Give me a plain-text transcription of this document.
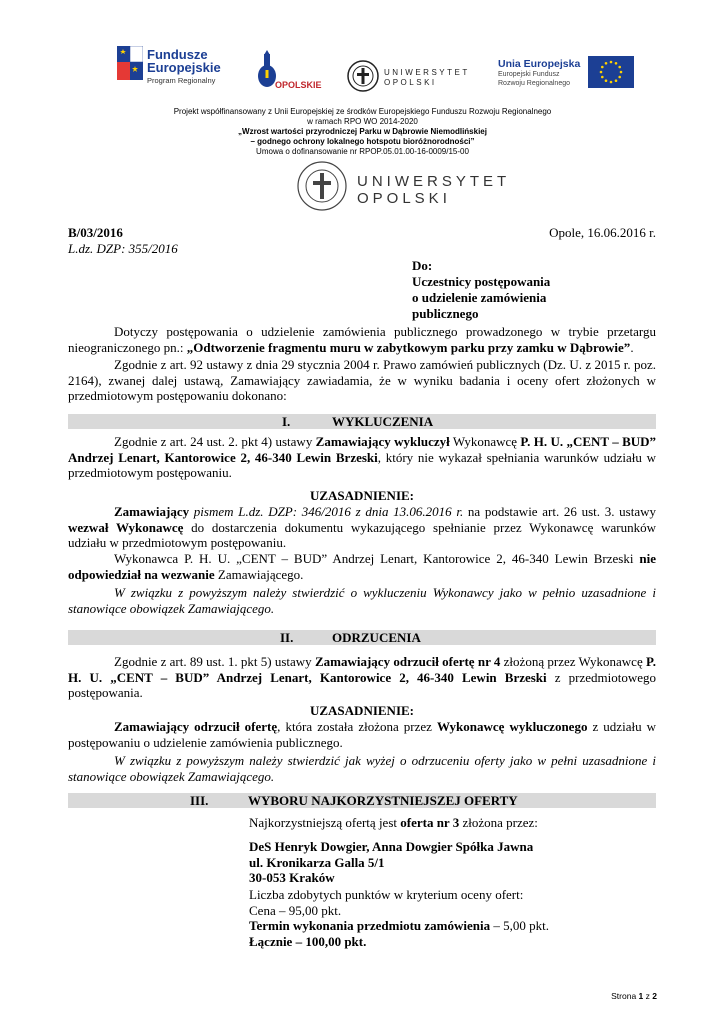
Fundusze
Europejskie
Program Regionalny	OPOLSKIE
UNIWERSYTET
OPOLSKI
Unia Europejska
Europejski Fundusz
Rozwoju Regionalnego
Projekt współfinansowany z Unii Europejskiej ze środków Europejskiego Funduszu Rozwoju Regionalnego
w ramach RPO WO 2014-2020
„Wzrost wartości przyrodniczej Parku w Dąbrowie Niemodlińskiej
– godnego ochrony lokalnego hotspotu bioróżnorodności”
Umowa o dofinansowanie nr RPOP.05.01.00-16-0009/15-00
UNIWERSYTET
OPOLSKI
B/03/2016
L.dz. DZP: 355/2016
Opole, 16.06.2016 r.
Do:
Uczestnicy postępowania
o udzielenie zamówienia
publicznego
Dotyczy postępowania o udzielenie zamówienia publicznego prowadzonego w trybie przetargu nieograniczonego pn.: „Odtworzenie fragmentu muru w zabytkowym parku przy zamku w Dąbrowie”.
Zgodnie z art. 92 ustawy z dnia 29 stycznia 2004 r. Prawo zamówień publicznych (Dz. U. z 2015 r. poz. 2164), zwanej dalej ustawą, Zamawiający zawiadamia, że w wyniku badania i oceny ofert złożonych w przedmiotowym postępowaniu dokonano:
I.	WYKLUCZENIA
Zgodnie z art. 24 ust. 2. pkt 4) ustawy Zamawiający wykluczył Wykonawcę P. H. U. „CENT – BUD” Andrzej Lenart, Kantorowice 2, 46-340 Lewin Brzeski, który nie wykazał spełniania warunków udziału w przedmiotowym postępowaniu.
UZASADNIENIE:
Zamawiający pismem L.dz. DZP: 346/2016 z dnia 13.06.2016 r. na podstawie art. 26 ust. 3. ustawy wezwał Wykonawcę do dostarczenia dokumentu wykazującego spełnianie przez Wykonawcę warunków udziału w przedmiotowym postępowaniu.
Wykonawca P. H. U. „CENT – BUD” Andrzej Lenart, Kantorowice 2, 46-340 Lewin Brzeski nie odpowiedział na wezwanie Zamawiającego.
W związku z powyższym należy stwierdzić o wykluczeniu Wykonawcy jako w pełnio uzasadnione i stanowiące obowiązek Zamawiającego.
II.	ODRZUCENIA
Zgodnie z art. 89 ust. 1. pkt 5) ustawy Zamawiający odrzucił ofertę nr 4 złożoną przez Wykonawcę P. H. U. „CENT – BUD” Andrzej Lenart, Kantorowice 2, 46-340 Lewin Brzeski z przedmiotowego postępowania.
UZASADNIENIE:
Zamawiający odrzucił ofertę, która została złożona przez Wykonawcę wykluczonego z udziału w postępowaniu o udzielenie zamówienia publicznego.
W związku z powyższym należy stwierdzić jak wyżej o odrzuceniu oferty jako w pełni uzasadnione i stanowiące obowiązek Zamawiającego.
III.	WYBORU NAJKORZYSTNIEJSZEJ OFERTY
Najkorzystniejszą ofertą jest oferta nr 3 złożona przez:
DeS Henryk Dowgier, Anna Dowgier Spółka Jawna
ul. Kronikarza Galla 5/1
30-053 Kraków
Liczba zdobytych punktów w kryterium oceny ofert:
Cena – 95,00 pkt.
Termin wykonania przedmiotu zamówienia – 5,00 pkt.
Łącznie – 100,00 pkt.
Strona 1 z 2
